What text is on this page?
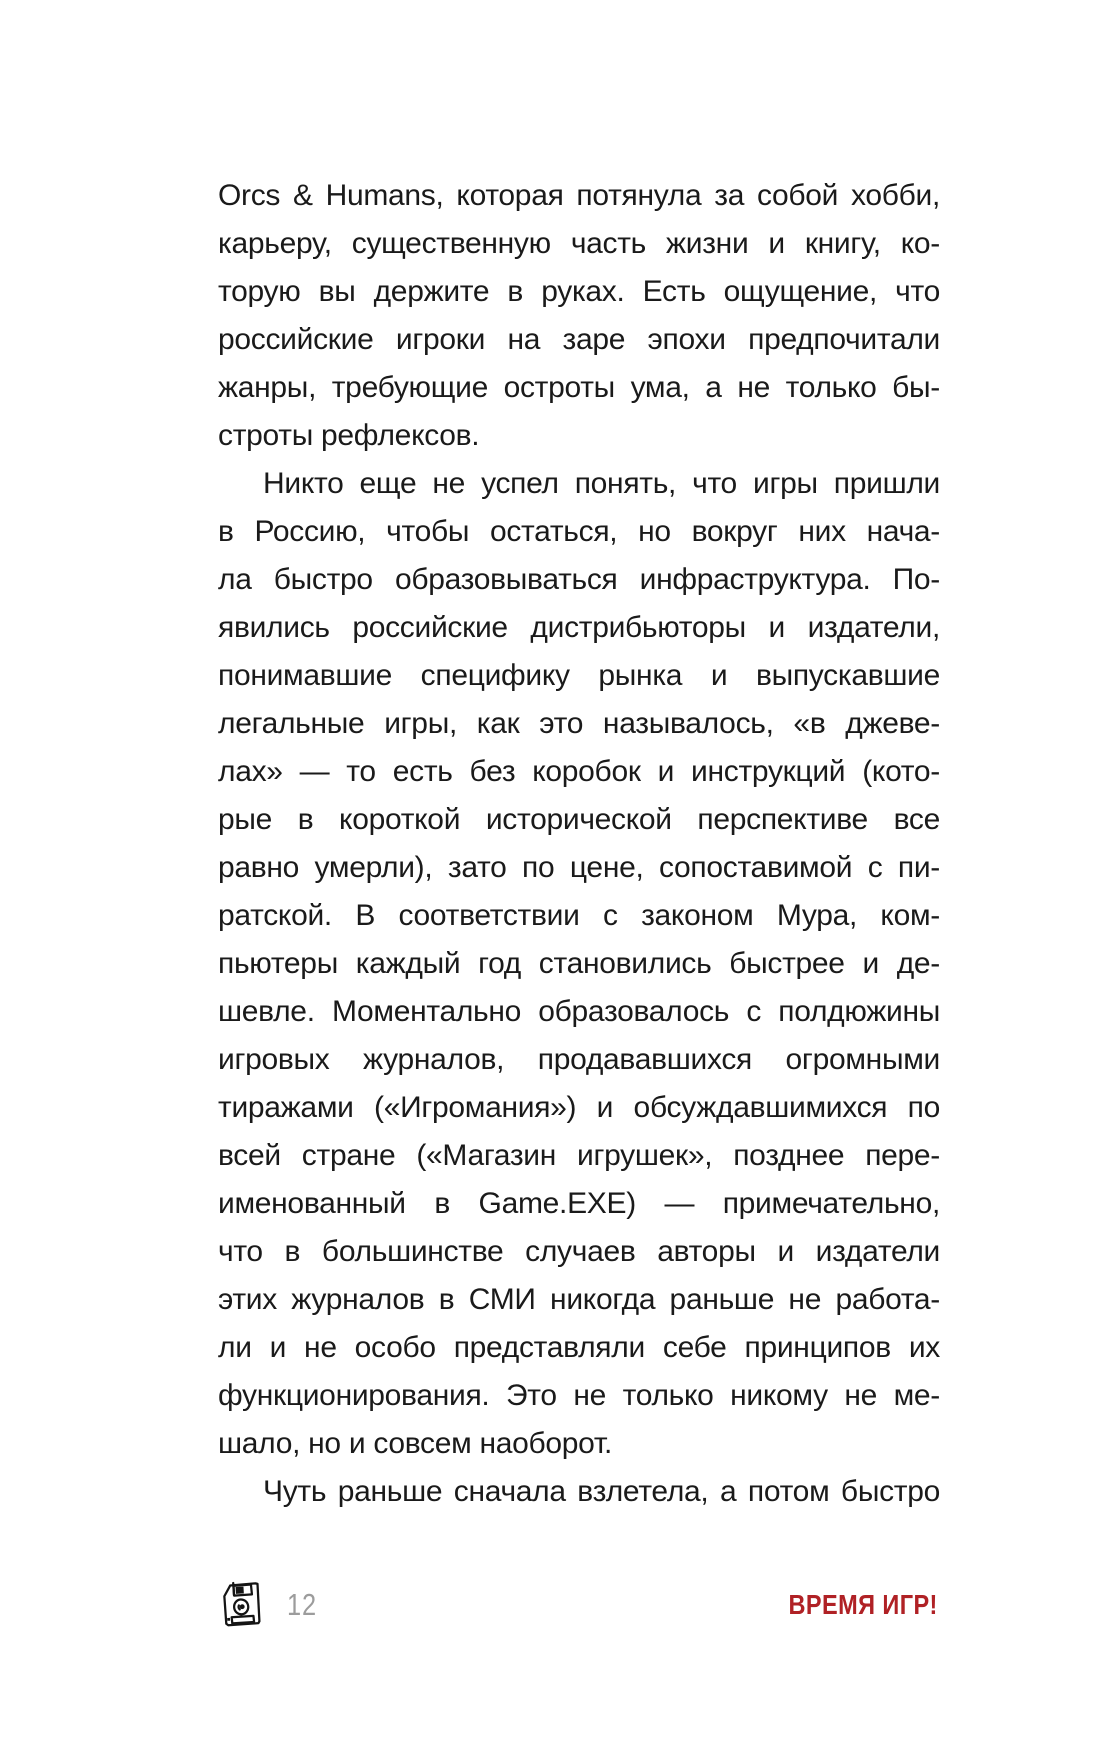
Orcs & Humans, которая потянула за собой хобби,
карьеру, существенную часть жизни и книгу, ко-
торую вы держите в руках. Есть ощущение, что
российские игроки на заре эпохи предпочитали
жанры, требующие остроты ума, а не только бы-
строты рефлексов.
Никто еще не успел понять, что игры пришли
в Россию, чтобы остаться, но вокруг них нача-
ла быстро образовываться инфраструктура. По-
явились российские дистрибьюторы и издатели,
понимавшие специфику рынка и выпускавшие
легальные игры, как это называлось, «в джеве-
лах» — то есть без коробок и инструкций (кото-
рые в короткой исторической перспективе все
равно умерли), зато по цене, сопоставимой с пи-
ратской. В соответствии с законом Мура, ком-
пьютеры каждый год становились быстрее и де-
шевле. Моментально образовалось с полдюжины
игровых журналов, продававшихся огромными
тиражами («Игромания») и обсуждавшимихся по
всей стране («Магазин игрушек», позднее пере-
именованный в Game.EXE) — примечательно,
что в большинстве случаев авторы и издатели
этих журналов в СМИ никогда раньше не работа-
ли и не особо представляли себе принципов их
функционирования. Это не только никому не ме-
шало, но и совсем наоборот.
Чуть раньше сначала взлетела, а потом быстро
12	ВРЕМЯ ИГР!
